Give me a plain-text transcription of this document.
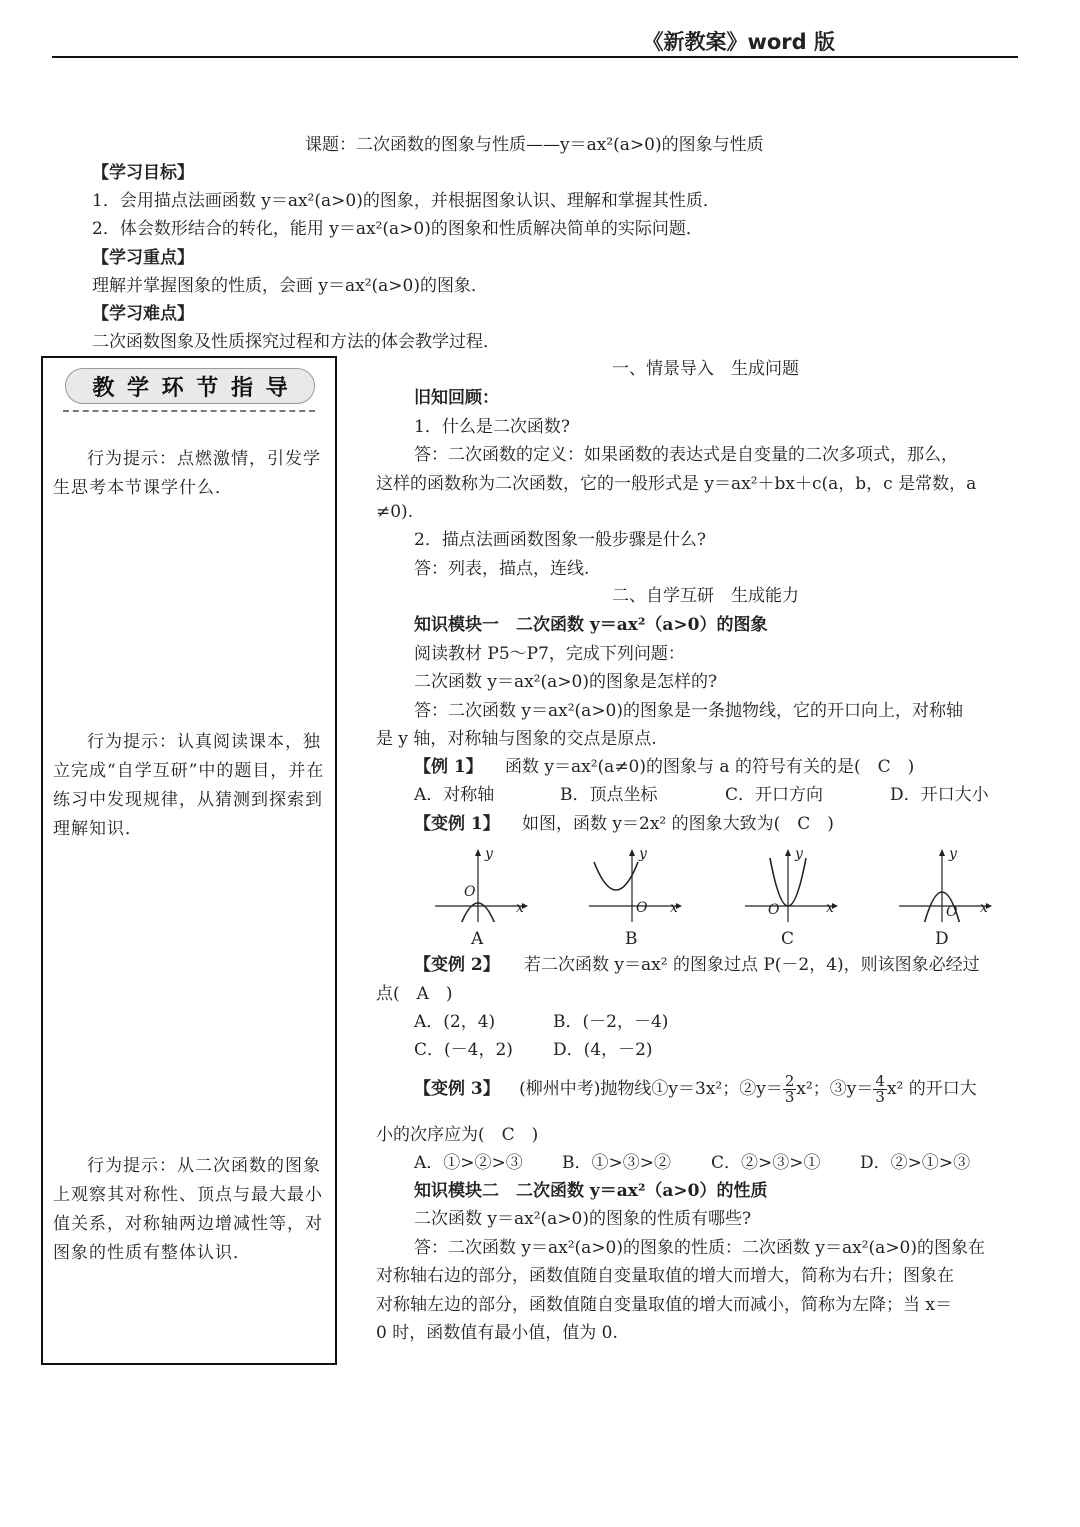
《新教案》word 版
课题：二次函数的图象与性质——y＝ax²(a>0)的图象与性质
【学习目标】
1．会用描点法画函数 y＝ax²(a>0)的图象，并根据图象认识、理解和掌握其性质．
2．体会数形结合的转化，能用 y＝ax²(a>0)的图象和性质解决简单的实际问题．
【学习重点】
理解并掌握图象的性质，会画 y＝ax²(a>0)的图象．
【学习难点】
二次函数图象及性质探究过程和方法的体会教学过程．
教 学 环 节 指 导
行为提示：点燃激情，引发学生思考本节课学什么．
行为提示：认真阅读课本，独立完成“自学互研”中的题目，并在练习中发现规律，从猜测到探索到理解知识．
行为提示：从二次函数的图象上观察其对称性、顶点与最大最小值关系，对称轴两边增减性等，对图象的性质有整体认识．
一、情景导入　生成问题
旧知回顾：
1．什么是二次函数?
答：二次函数的定义：如果函数的表达式是自变量的二次多项式，那么，
这样的函数称为二次函数，它的一般形式是 y＝ax²＋bx＋c(a，b，c 是常数，a
≠0).
2．描点法画函数图象一般步骤是什么?
答：列表，描点，连线.
二、自学互研　生成能力
知识模块一　二次函数 y＝ax²（a>0）的图象
阅读教材 P5～P7，完成下列问题：
二次函数 y＝ax²(a>0)的图象是怎样的?
答：二次函数 y＝ax²(a>0)的图象是一条抛物线，它的开口向上，对称轴
是 y 轴，对称轴与图象的交点是原点.
【例 1】 函数 y＝ax²(a≠0)的图象与 a 的符号有关的是(　C　)
A．对称轴	B．顶点坐标	C．开口方向	D．开口大小
【变例 1】 如图，函数 y＝2x² 的图象大致为(　C　)
y
x
O
A
y
x
O
B
y
x
O
C
y
x
O
D
【变例 2】 若二次函数 y＝ax² 的图象过点 P(－2，4)，则该图象必经过
点(　A　)
A．(2，4)	B．(－2，－4)
C．(－4，2) D．(4，－2)
【变例 3】 (柳州中考)抛物线①y＝3x²；②y＝ $\frac{2}{3} x^2$；③y＝ $\frac{4}{3} x^2$ 的开口大
小的次序应为(　C　)
A．①>②>③ B．①>③>② C．②>③>① D．②>①>③
知识模块二　二次函数 y＝ax²（a>0）的性质
二次函数 y＝ax²(a>0)的图象的性质有哪些?
答：二次函数 y＝ax²(a>0)的图象的性质：二次函数 y＝ax²(a>0)的图象在
对称轴右边的部分，函数值随自变量取值的增大而增大，简称为右升；图象在
对称轴左边的部分，函数值随自变量取值的增大而减小，简称为左降；当 x＝
0 时，函数值有最小值，值为 0.
